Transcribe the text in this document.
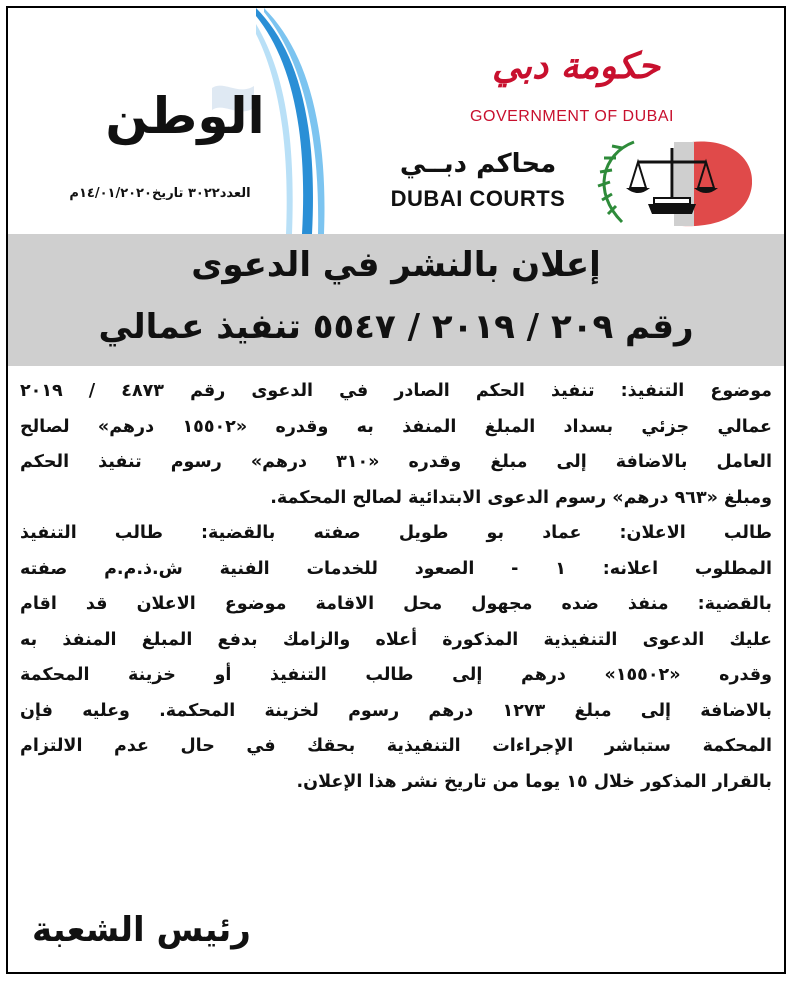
الوطن
العدد٣٠٢٢ تاريخ١٤/٠١/٢٠٢٠م
حكومة دبي
GOVERNMENT OF DUBAI
محاكم دبــي
DUBAI COURTS
إعلان بالنشر في الدعوى
رقم ٢٠٩ / ٢٠١٩ / ٥٥٤٧ تنفيذ عمالي
موضوع التنفيذ: تنفيذ الحكم الصادر في الدعوى رقم ٤٨٧٣ / ٢٠١٩
عمالي جزئي بسداد المبلغ المنفذ به وقدره «١٥٥٠٢ درهم» لصالح
العامل بالاضافة إلى مبلغ وقدره «٣١٠ درهم» رسوم تنفيذ الحكم
ومبلغ «٩٦٣ درهم» رسوم الدعوى الابتدائية لصالح المحكمة.
طالب الاعلان: عماد بو طويل صفته بالقضية: طالب التنفيذ
المطلوب اعلانه: ١ - الصعود للخدمات الفنية ش.ذ.م.م صفته
بالقضية: منفذ ضده مجهول محل الاقامة موضوع الاعلان قد اقام
عليك الدعوى التنفيذية المذكورة أعلاه والزامك بدفع المبلغ المنفذ به
وقدره «١٥٥٠٢» درهم إلى طالب التنفيذ أو خزينة المحكمة
بالاضافة إلى مبلغ ١٢٧٣ درهم رسوم لخزينة المحكمة. وعليه فإن
المحكمة ستباشر الإجراءات التنفيذية بحقك في حال عدم الالتزام
بالقرار المذكور خلال ١٥ يوما من تاريخ نشر هذا الإعلان.
رئيس الشعبة
